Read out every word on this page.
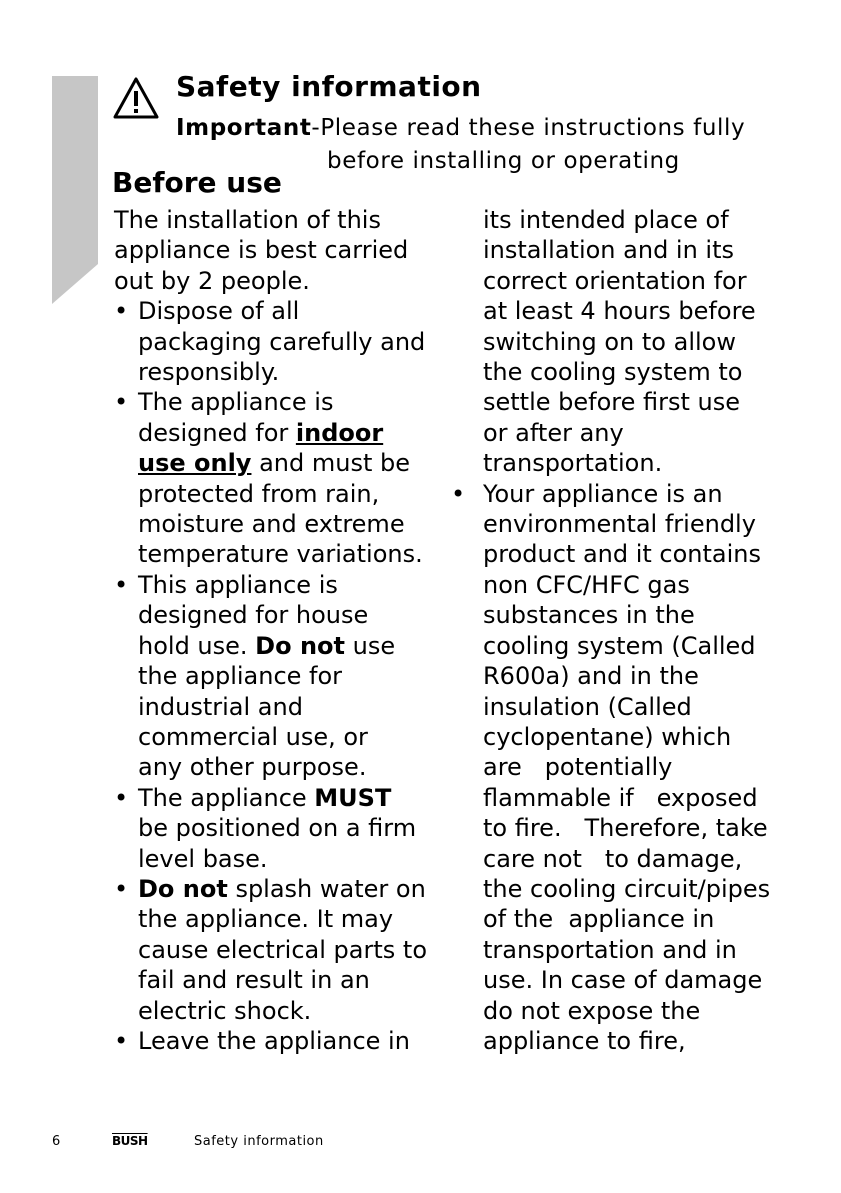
Safety information
Important-Please read these instructions fully
before installing or operating
Before use
The installation of this
appliance is best carried
out by 2 people.
• Dispose of all
packaging carefully and
responsibly.
• The appliance is
designed for indoor
use only and must be
protected from rain,
moisture and extreme
temperature variations.
• This appliance is
designed for house
hold use. Do not use
the appliance for
industrial and
commercial use, or
any other purpose.
• The appliance MUST
be positioned on a firm
level base.
• Do not splash water on
the appliance. It may
cause electrical parts to
fail and result in an
electric shock.
• Leave the appliance in
its intended place of
installation and in its
correct orientation for
at least 4 hours before
switching on to allow
the cooling system to
settle before first use
or after any
transportation.
• Your appliance is an
environmental friendly
product and it contains
non CFC/HFC gas
substances in the
cooling system (Called
R600a) and in the
insulation (Called
cyclopentane) which
are   potentially
flammable if   exposed
to fire.   Therefore, take
care not   to damage,
the cooling circuit/pipes
of the  appliance in
transportation and in
use. In case of damage
do not expose the
appliance to fire,
6	BUSH	Safety information
